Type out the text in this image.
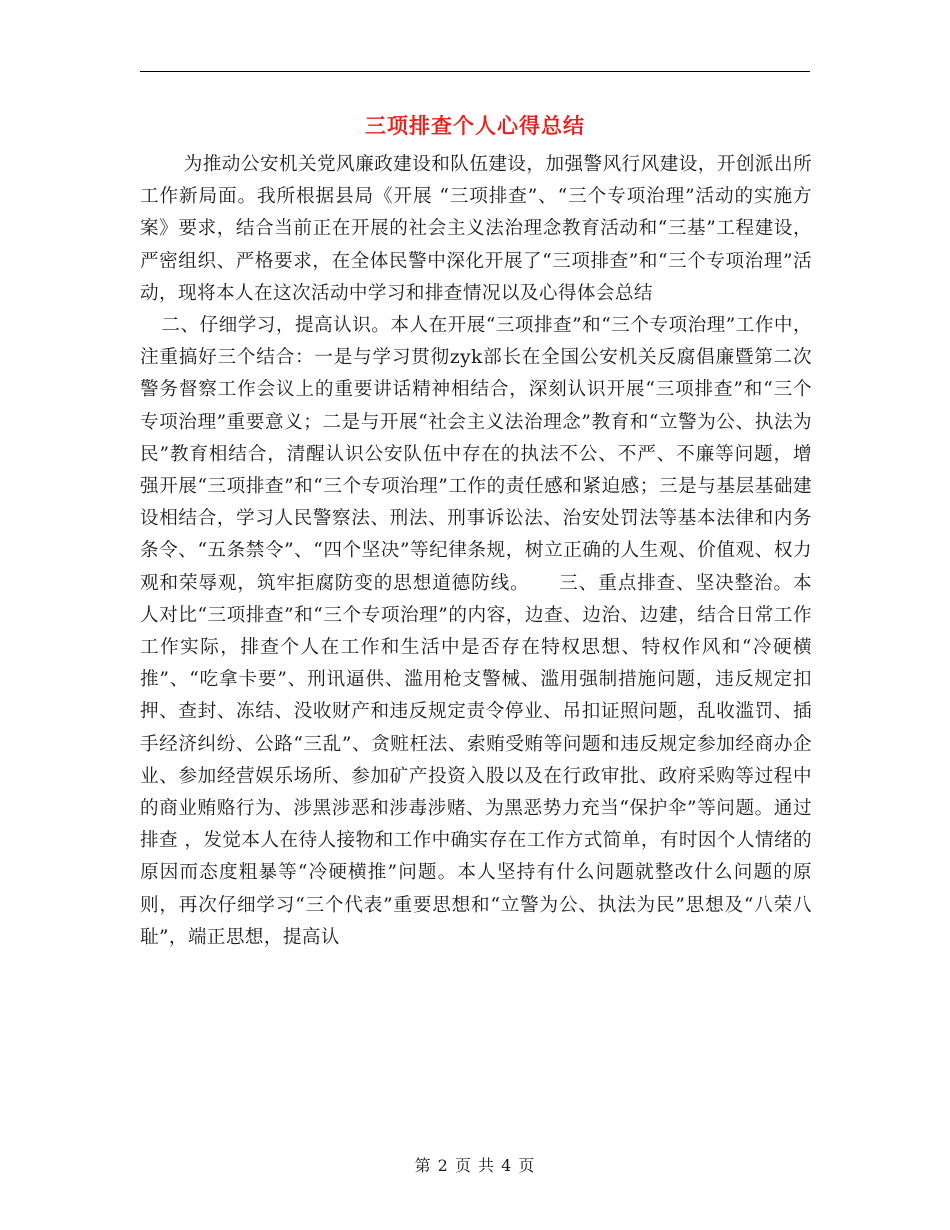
三项排查个人心得总结

为推动公安机关党风廉政建设和队伍建设，加强警风行风建设，开创派出所工作新局面。我所根据县局《开展 “三项排查”、“三个专项治理”活动的实施方案》要求，结合当前正在开展的社会主义法治理念教育活动和“三基”工程建设，严密组织、严格要求，在全体民警中深化开展了“三项排查”和“三个专项治理”活动，现将本人在这次活动中学习和排查情况以及心得体会总结

二、仔细学习，提高认识。本人在开展“三项排查”和“三个专项治理”工作中，注重搞好三个结合：一是与学习贯彻zyk部长在全国公安机关反腐倡廉暨第二次警务督察工作会议上的重要讲话精神相结合，深刻认识开展“三项排查”和“三个专项治理”重要意义；二是与开展“社会主义法治理念”教育和“立警为公、执法为民”教育相结合，清醒认识公安队伍中存在的执法不公、不严、不廉等问题，增强开展“三项排查”和“三个专项治理”工作的责任感和紧迫感；三是与基层基础建设相结合，学习人民警察法、刑法、刑事诉讼法、治安处罚法等基本法律和内务条令、“五条禁令”、“四个坚决”等纪律条规，树立正确的人生观、价值观、权力观和荣辱观，筑牢拒腐防变的思想道德防线。　　三、重点排查、坚决整治。本人对比“三项排查”和“三个专项治理”的内容，边查、边治、边建，结合日常工作工作实际，排查个人在工作和生活中是否存在特权思想、特权作风和“冷硬横推”、“吃拿卡要”、刑讯逼供、滥用枪支警械、滥用强制措施问题，违反规定扣押、查封、冻结、没收财产和违反规定责令停业、吊扣证照问题，乱收滥罚、插手经济纠纷、公路“三乱”、贪赃枉法、索贿受贿等问题和违反规定参加经商办企业、参加经营娱乐场所、参加矿产投资入股以及在行政审批、政府采购等过程中的商业贿赂行为、涉黑涉恶和涉毒涉赌、为黑恶势力充当“保护伞”等问题。通过排查 ，发觉本人在待人接物和工作中确实存在工作方式简单，有时因个人情绪的原因而态度粗暴等“冷硬横推”问题。本人坚持有什么问题就整改什么问题的原则，再次仔细学习“三个代表”重要思想和“立警为公、执法为民”思想及“八荣八耻”，端正思想，提高认

第 2 页 共 4 页
